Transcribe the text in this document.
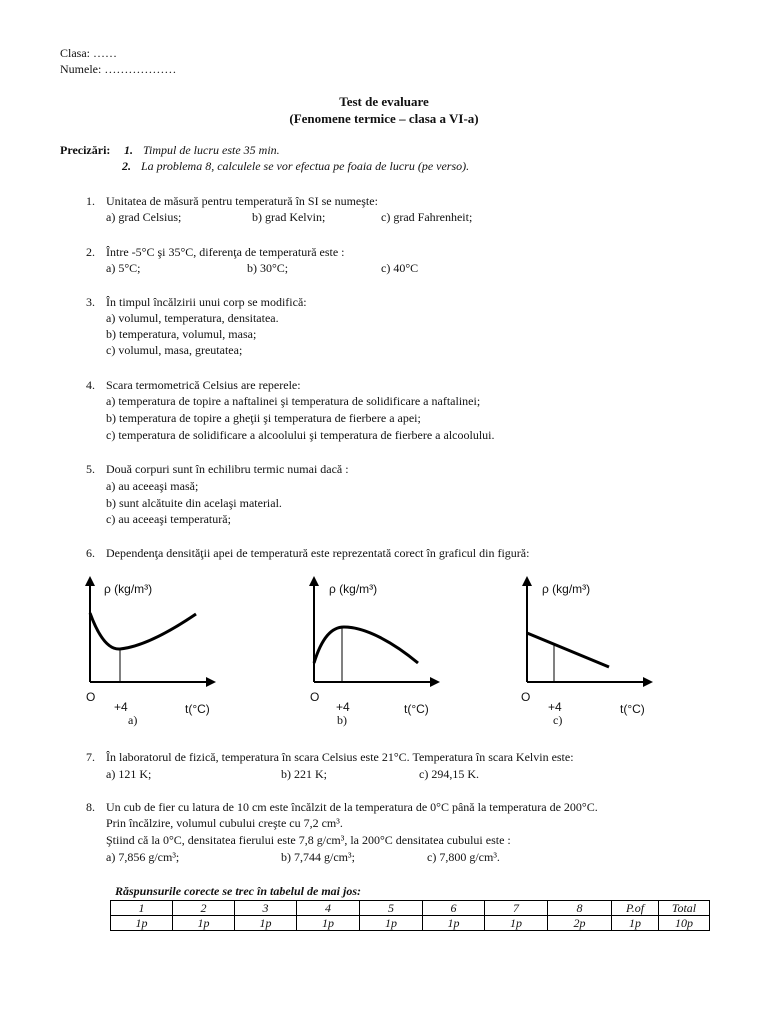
Clasa: ……
Numele: ………………
Test de evaluare
(Fenomene termice – clasa a VI-a)
Precizări: 1. Timpul de lucru este 35 min.
2. La problema 8, calculele se vor efectua pe foaia de lucru (pe verso).
1. Unitatea de măsură pentru temperatură în SI se numeşte:
a) grad Celsius;	b) grad Kelvin;	c) grad Fahrenheit;
2. Între -5°C şi 35°C, diferenţa de temperatură este :
a) 5°C;	b) 30°C;	c) 40°C
3. În timpul încălzirii unui corp se modifică:
a) volumul, temperatura, densitatea.
b) temperatura, volumul, masa;
c) volumul, masa, greutatea;
4. Scara termometrică Celsius are reperele:
a) temperatura de topire a naftalinei şi temperatura de solidificare a naftalinei;
b) temperatura de topire a gheţii şi temperatura de fierbere a apei;
c) temperatura de solidificare a alcoolului şi temperatura de fierbere a alcoolului.
5. Două corpuri sunt în echilibru termic numai dacă :
a) au aceeaşi masă;
b) sunt alcătuite din acelaşi material.
c) au aceeaşi temperatură;
6. Dependenţa densităţii apei de temperatură este reprezentată corect în graficul din figură:
ρ (kg/m³)
O
+4	t(°C)
a)
ρ (kg/m³)
O
+4	t(°C)
b)
ρ (kg/m³)
O
+4	t(°C)
c)
7. În laboratorul de fizică, temperatura în scara Celsius este 21°C. Temperatura în scara Kelvin este:
a) 121 K;	b) 221 K;	c) 294,15 K.
8. Un cub de fier cu latura de 10 cm este încălzit de la temperatura de 0°C până la temperatura de 200°C.
Prin încălzire, volumul cubului creşte cu 7,2 cm³.
Ştiind că la 0°C, densitatea fierului este 7,8 g/cm³, la 200°C densitatea cubului este :
a) 7,856 g/cm³;	b) 7,744 g/cm³;	c) 7,800 g/cm³.
Răspunsurile corecte se trec în tabelul de mai jos:
1	2	3	4	5	6	7	8	P.of	Total
1p	1p	1p	1p	1p	1p	1p	2p	1p	10p
